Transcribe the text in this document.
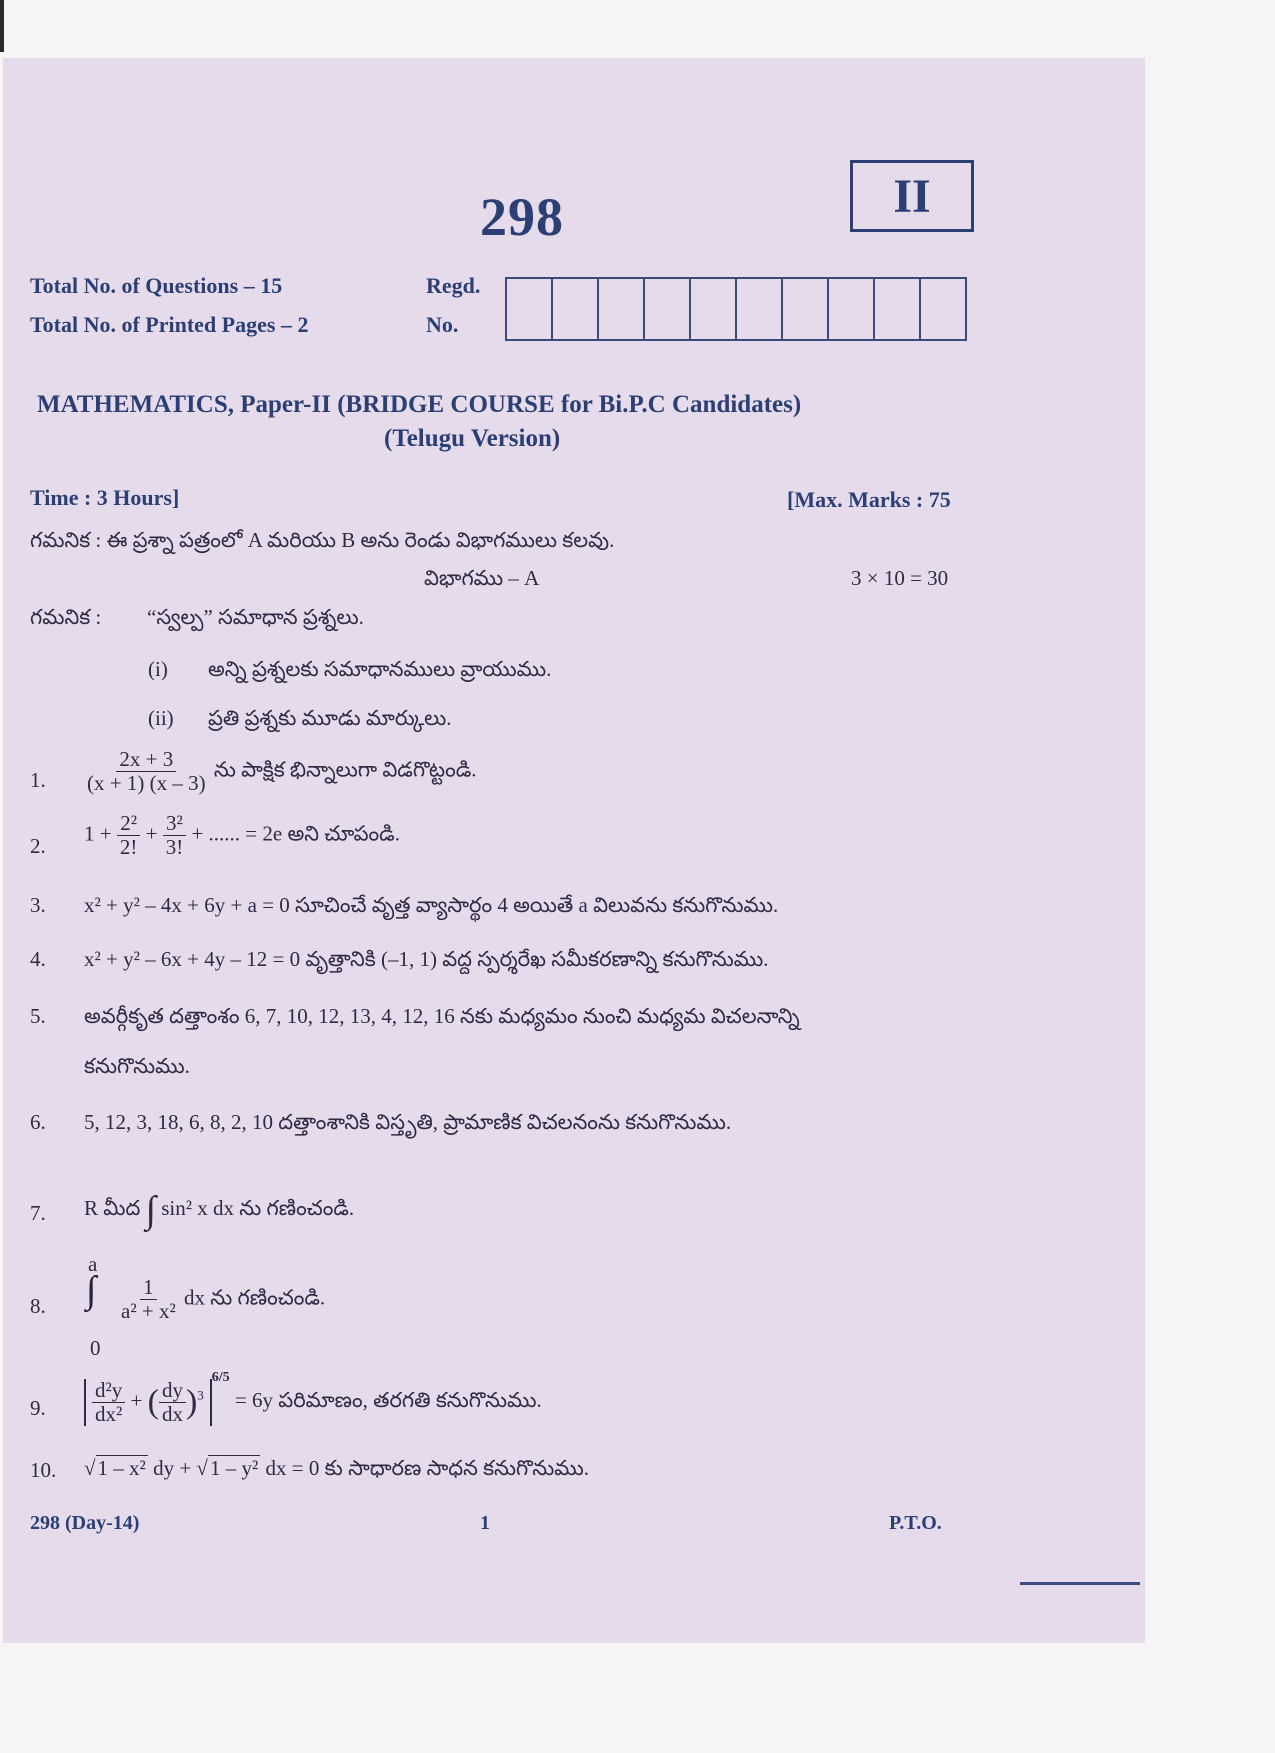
298	II
Total No. of Questions – 15
Total No. of Printed Pages – 2
Regd.
No.
MATHEMATICS, Paper-II (BRIDGE COURSE for Bi.P.C Candidates)
(Telugu Version)
Time : 3 Hours]	[Max. Marks : 75
గమనిక : ఈ ప్రశ్నా పత్రంలో A మరియు B అను రెండు విభాగములు కలవు.
విభాగము – A	3 × 10 = 30
గమనిక : “స్వల్ప” సమాధాన ప్రశ్నలు.
(i) అన్ని ప్రశ్నలకు సమాధానములు వ్రాయుము.
(ii) ప్రతి ప్రశ్నకు మూడు మార్కులు.
1. $\frac{2x + 3}{(x + 1) (x - 3)}$ ను పాక్షిక భిన్నాలుగా విడగొట్టండి.
2.
$1 + \frac{\text{2²}}{2!} + \frac{\text{3²}}{3!}$ + ...... = 2e అని చూపండి.
3. x² + y² – 4x + 6y + a = 0 సూచించే వృత్త వ్యాసార్థం 4 అయితే a విలువను కనుగొనుము.
4. x² + y² – 6x + 4y – 12 = 0 వృత్తానికి (–1, 1) వద్ద స్పర్శరేఖ సమీకరణాన్ని కనుగొనుము.
5. అవర్గీకృత దత్తాంశం 6, 7, 10, 12, 13, 4, 12, 16 నకు మధ్యమం నుంచి మధ్యమ విచలనాన్ని
కనుగొనుము.
6. 5, 12, 3, 18, 6, 8, 2, 10 దత్తాంశానికి విస్తృతి, ప్రామాణిక విచలనంను కనుగొనుము.
7. R మీద ∫ sin² x dx ను గణించండి.
8.
a
∫
0
$\frac{1}{\text{a² + x²}}$ dx ను గణించండి.
9. $\frac{\text{d²y}}{\text{dx²}}$ + ( $\frac{dy}{dx} )^{36/5} = 6y$ పరిమాణం, తరగతి కనుగొనుము.
10. √1 – x² dy + √1 – y² dx = 0 కు సాధారణ సాధన కనుగొనుము.
298 (Day-14)	1	P.T.O.
